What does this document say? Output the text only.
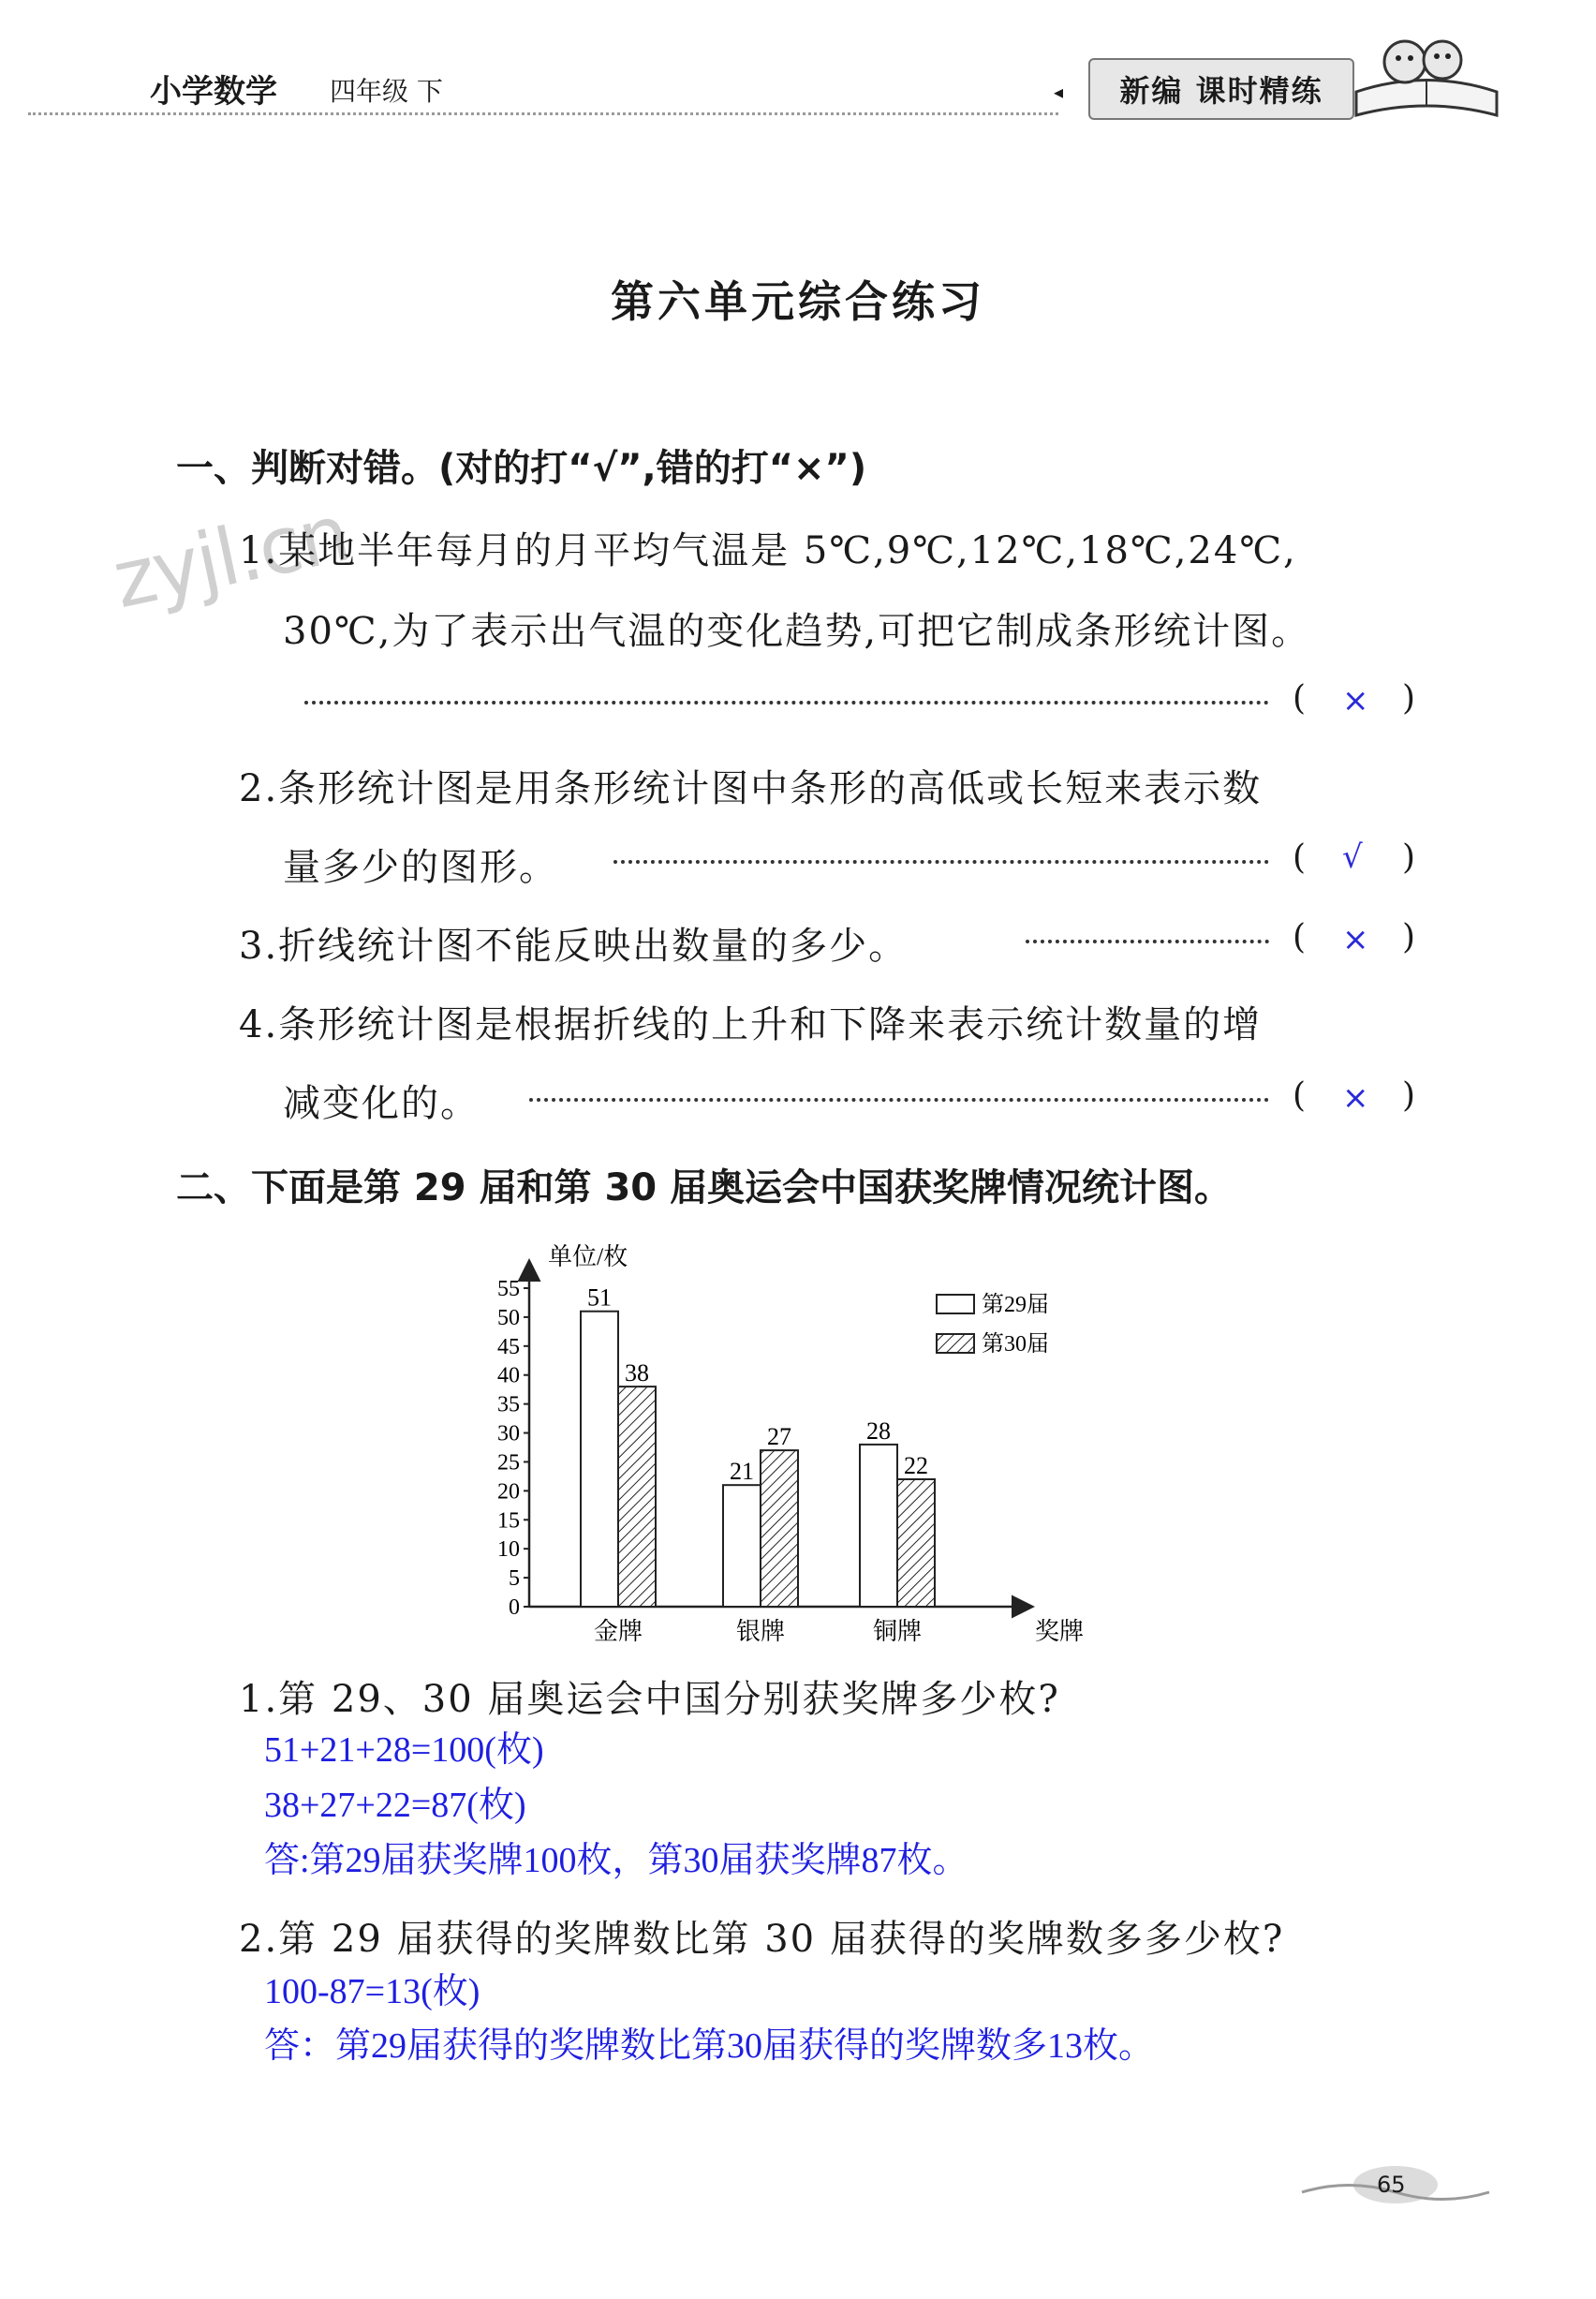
小学数学 四年级 下	◂	新编 课时精练
第六单元综合练习
zyjl.cn
一、判断对错。(对的打“√”,错的打“×”)
1.某地半年每月的月平均气温是 5℃,9℃,12℃,18℃,24℃,
30℃,为了表示出气温的变化趋势,可把它制成条形统计图。
( × )
2.条形统计图是用条形统计图中条形的高低或长短来表示数
量多少的图形。	( √ )
3.折线统计图不能反映出数量的多少。	( × )
4.条形统计图是根据折线的上升和下降来表示统计数量的增
减变化的。	( × )
二、下面是第 29 届和第 30 届奥运会中国获奖牌情况统计图。
0
5
10
15
20
25
30
35
40
45
50
55
单位/枚
奖牌
51
38
金牌
21
27
银牌
28
22
铜牌
第29届
第30届
1.第 29、30 届奥运会中国分别获奖牌多少枚?
51+21+28=100(枚)
38+27+22=87(枚)
答:第29届获奖牌100枚，第30届获奖牌87枚。
2.第 29 届获得的奖牌数比第 30 届获得的奖牌数多多少枚?
100-87=13(枚)
答：第29届获得的奖牌数比第30届获得的奖牌数多13枚。
65
